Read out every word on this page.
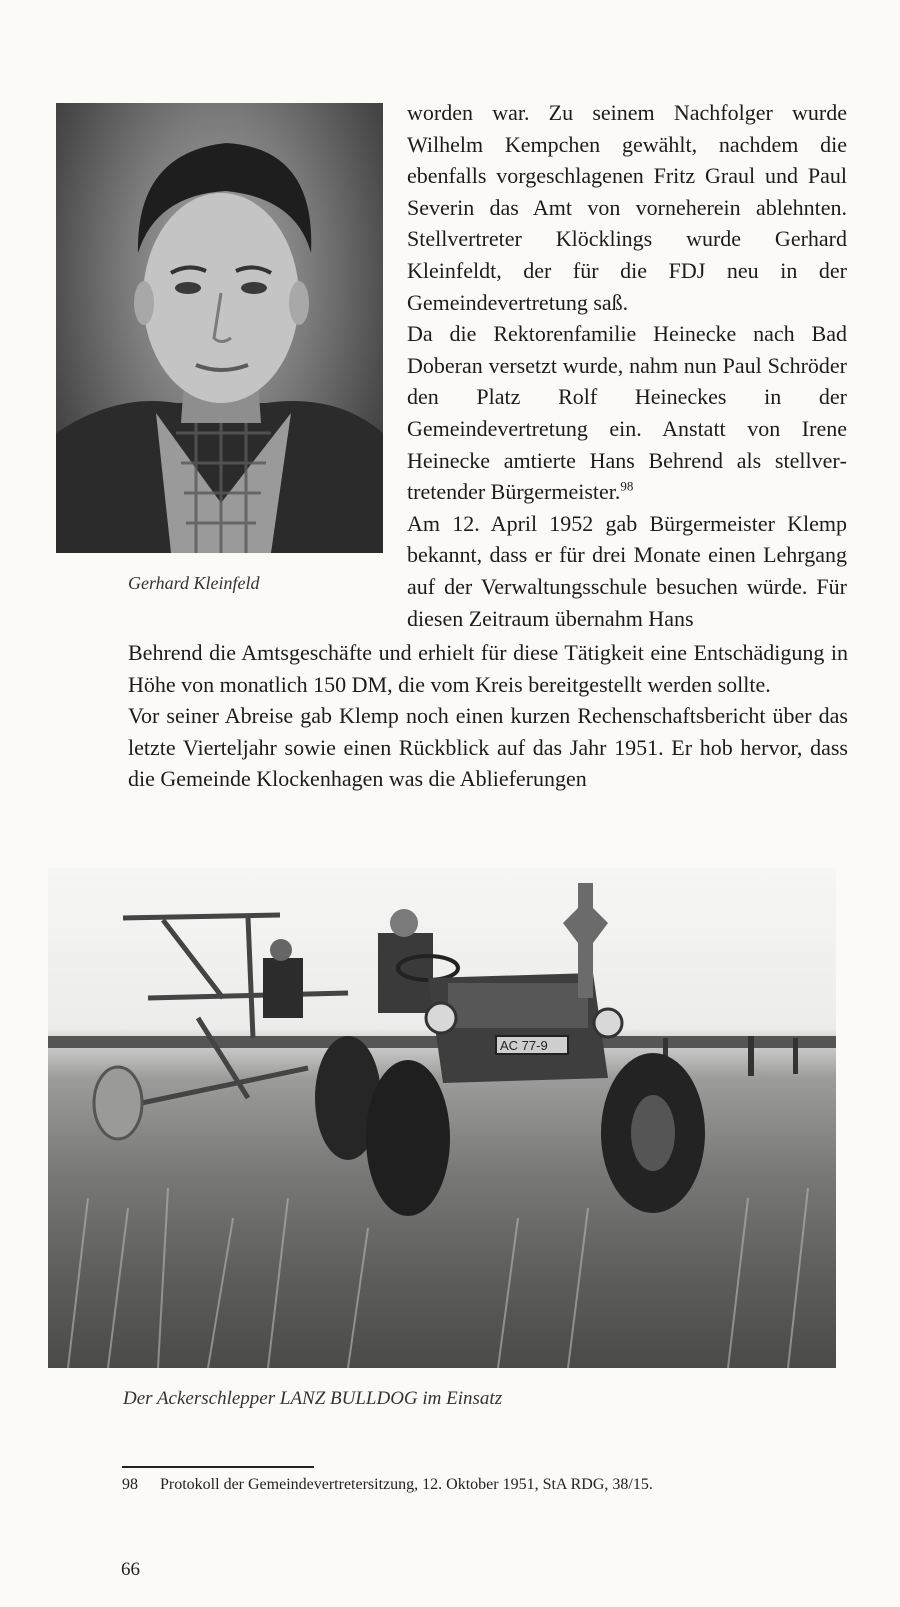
Gerhard Kleinfeld

worden war. Zu seinem Nachfolger wurde Wilhelm Kempchen gewählt, nachdem die ebenfalls vorgeschlagenen Fritz Graul und Paul Severin das Amt von vorneherein ablehnten. Stellvertreter Klöcklings wurde Gerhard Kleinfeldt, der für die FDJ neu in der Gemeindevertretung saß.

Da die Rektorenfamilie Heinecke nach Bad Doberan versetzt wurde, nahm nun Paul Schröder den Platz Rolf Heineckes in der Gemeindevertretung ein. Anstatt von Irene Heinecke amtierte Hans Behrend als stellvertretender Bürgermeister.$^{98}$

Am 12. April 1952 gab Bürgermeister Klemp bekannt, dass er für drei Monate einen Lehrgang auf der Verwaltungsschule besuchen würde. Für diesen Zeitraum übernahm Hans

Behrend die Amtsgeschäfte und erhielt für diese Tätigkeit eine Entschädigung in Höhe von monatlich 150 DM, die vom Kreis bereitgestellt werden sollte.

Vor seiner Abreise gab Klemp noch einen kurzen Rechenschaftsbericht über das letzte Vierteljahr sowie einen Rückblick auf das Jahr 1951. Er hob hervor, dass die Gemeinde Klockenhagen was die Ablieferungen

AC 77-9
Der Ackerschlepper LANZ BULLDOG im Einsatz
98 Protokoll der Gemeindevertretersitzung, 12. Oktober 1951, StA RDG, 38/15.
66
